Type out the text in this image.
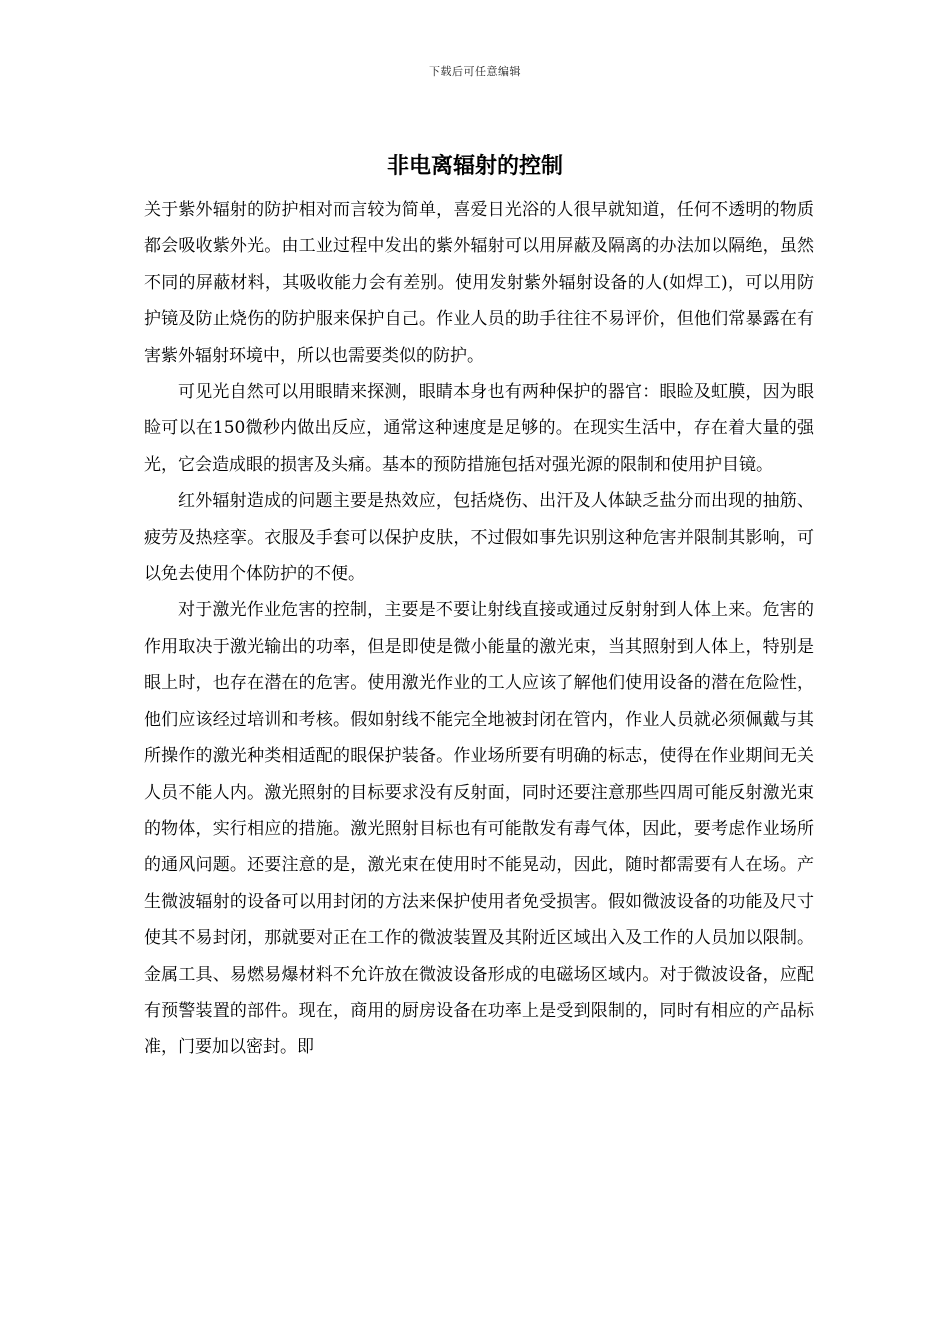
下载后可任意编辑
非电离辐射的控制

关于紫外辐射的防护相对而言较为简单，喜爱日光浴的人很早就知道，任何不透明的物质都会吸收紫外光。由工业过程中发出的紫外辐射可以用屏蔽及隔离的办法加以隔绝，虽然不同的屏蔽材料，其吸收能力会有差别。使用发射紫外辐射设备的人(如焊工)，可以用防护镜及防止烧伤的防护服来保护自己。作业人员的助手往往不易评价，但他们常暴露在有害紫外辐射环境中，所以也需要类似的防护。

可见光自然可以用眼睛来探测，眼睛本身也有两种保护的器官：眼睑及虹膜，因为眼睑可以在150微秒内做出反应，通常这种速度是足够的。在现实生活中，存在着大量的强光，它会造成眼的损害及头痛。基本的预防措施包括对强光源的限制和使用护目镜。

红外辐射造成的问题主要是热效应，包括烧伤、出汗及人体缺乏盐分而出现的抽筋、疲劳及热痉挛。衣服及手套可以保护皮肤，不过假如事先识别这种危害并限制其影响，可以免去使用个体防护的不便。

对于激光作业危害的控制，主要是不要让射线直接或通过反射射到人体上来。危害的作用取决于激光输出的功率，但是即使是微小能量的激光束，当其照射到人体上，特别是眼上时，也存在潜在的危害。使用激光作业的工人应该了解他们使用设备的潜在危险性，他们应该经过培训和考核。假如射线不能完全地被封闭在管内，作业人员就必须佩戴与其所操作的激光种类相适配的眼保护装备。作业场所要有明确的标志，使得在作业期间无关人员不能人内。激光照射的目标要求没有反射面，同时还要注意那些四周可能反射激光束的物体，实行相应的措施。激光照射目标也有可能散发有毒气体，因此，要考虑作业场所的通风问题。还要注意的是，激光束在使用时不能晃动，因此，随时都需要有人在场。产生微波辐射的设备可以用封闭的方法来保护使用者免受损害。假如微波设备的功能及尺寸使其不易封闭，那就要对正在工作的微波装置及其附近区域出入及工作的人员加以限制。金属工具、易燃易爆材料不允许放在微波设备形成的电磁场区域内。对于微波设备，应配有预警装置的部件。现在，商用的厨房设备在功率上是受到限制的，同时有相应的产品标准，门要加以密封。即
